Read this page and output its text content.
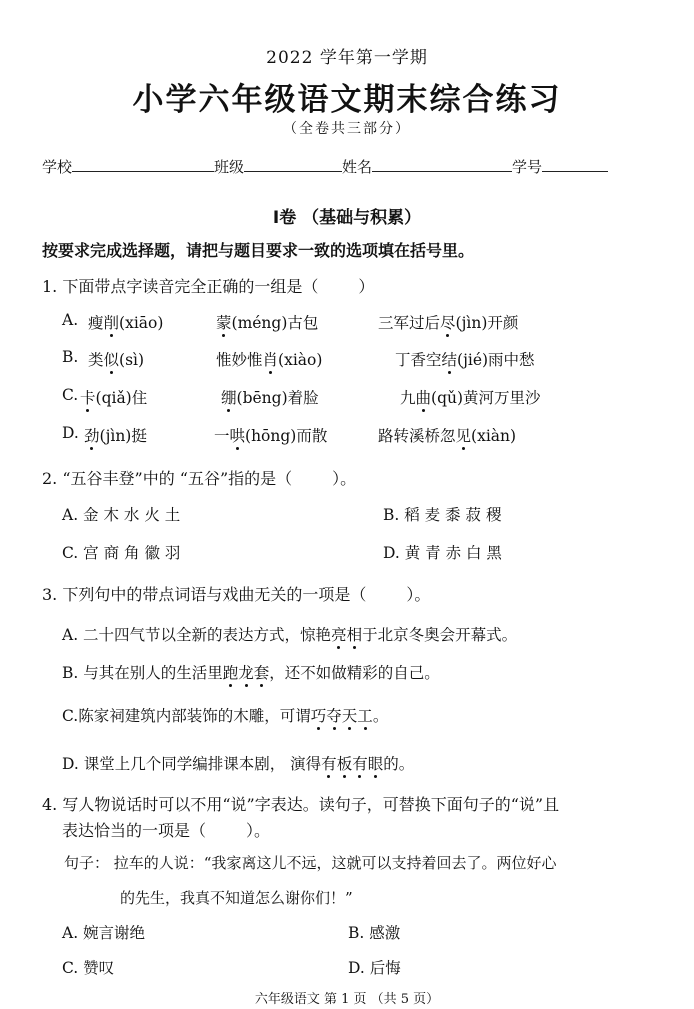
2022 学年第一学期
小学六年级语文期末综合练习
（全卷共三部分）
学校	班级	姓名	学号
I卷 （基础与积累）
按要求完成选择题，请把与题目要求一致的选项填在括号里。
1. 下面带点字读音完全正确的一组是（	）
A. 瘦削(xiāo)	蒙(méng)古包	三军过后尽(jìn)开颜
B. 类似(sì)	惟妙惟肖(xiào)	丁香空结(jié)雨中愁
C. 卡(qiǎ)住	绷(bēng)着脸	九曲(qǔ)黄河万里沙
D. 劲(jìn)挺	一哄(hōng)而散	路转溪桥忽见(xiàn)
2. “五谷丰登”中的 “五谷”指的是（	）。
A. 金 木 水 火 土	B. 稻 麦 黍 菽 稷
C. 宫 商 角 徽 羽	D. 黄 青 赤 白 黑
3. 下列句中的带点词语与戏曲无关的一项是（	）。
A. 二十四气节以全新的表达方式，惊艳亮相于北京冬奥会开幕式。
B. 与其在别人的生活里跑龙套，还不如做精彩的自己。
C.陈家祠建筑内部装饰的木雕，可谓巧夺天工。
D. 课堂上几个同学编排课本剧， 演得有板有眼的。
4. 写人物说话时可以不用“说”字表达。读句子，可替换下面句子的“说”且
表达恰当的一项是（	）。
句子： 拉车的人说：“我家离这儿不远，这就可以支持着回去了。两位好心
的先生，我真不知道怎么谢你们！”
A. 婉言谢绝	B. 感激
C. 赞叹	D. 后悔
六年级语文 第 1 页 （共 5 页）
